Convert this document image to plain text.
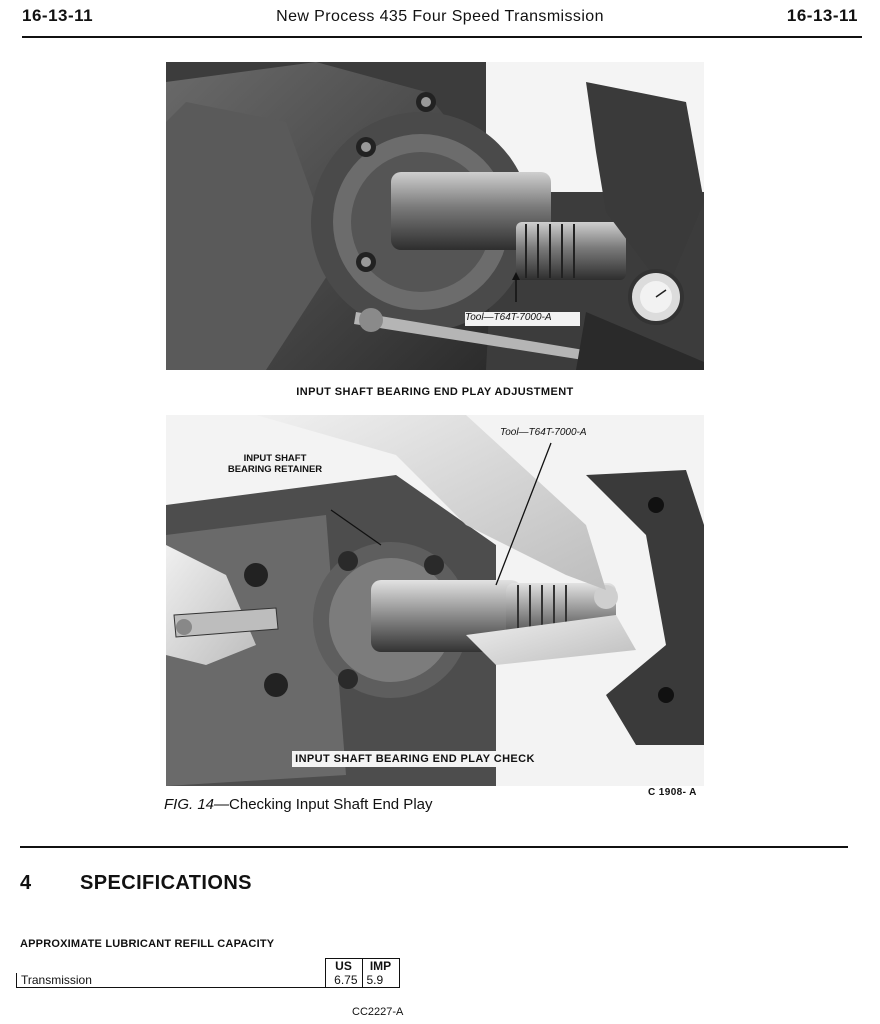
16-13-11	New Process 435 Four Speed Transmission	16-13-11
Tool—T64T-7000-A
INPUT SHAFT BEARING END PLAY ADJUSTMENT
Tool—T64T-7000-A
INPUT SHAFT
BEARING RETAINER
INPUT SHAFT BEARING END PLAY CHECK
C 1908- A
FIG. 14—Checking Input Shaft End Play
4 SPECIFICATIONS
APPROXIMATE LUBRICANT REFILL CAPACITY
	US	IMP
Transmission	6.75	5.9
CC2227-A
